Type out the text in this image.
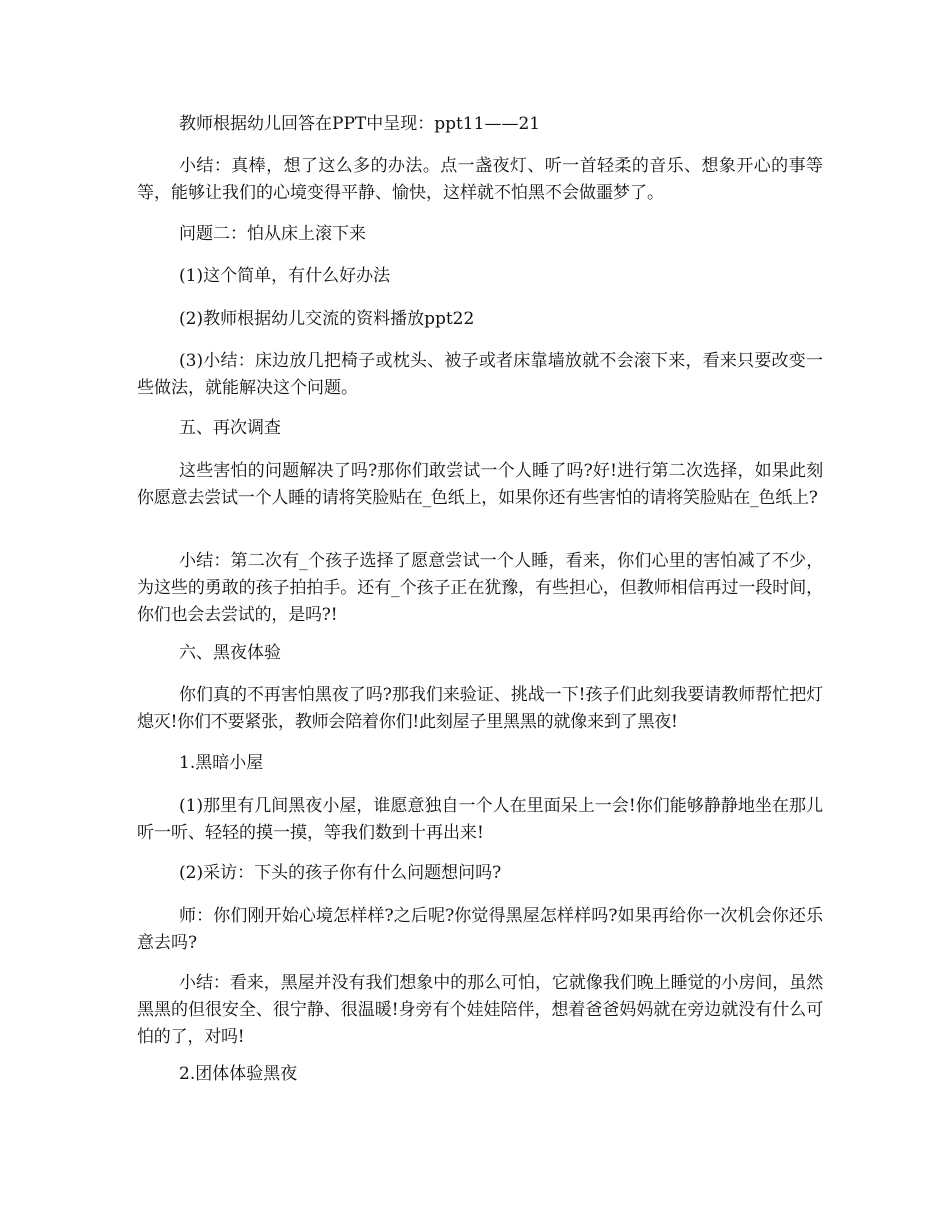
教师根据幼儿回答在PPT中呈现：ppt11——21

小结：真棒，想了这么多的办法。点一盏夜灯、听一首轻柔的音乐、想象开心的事等等，能够让我们的心境变得平静、愉快，这样就不怕黑不会做噩梦了。

问题二：怕从床上滚下来

(1)这个简单，有什么好办法

(2)教师根据幼儿交流的资料播放ppt22

(3)小结：床边放几把椅子或枕头、被子或者床靠墙放就不会滚下来，看来只要改变一些做法，就能解决这个问题。

五、再次调查

这些害怕的问题解决了吗?那你们敢尝试一个人睡了吗?好!进行第二次选择，如果此刻你愿意去尝试一个人睡的请将笑脸贴在_色纸上，如果你还有些害怕的请将笑脸贴在_色纸上?

小结：第二次有_个孩子选择了愿意尝试一个人睡，看来，你们心里的害怕减了不少，为这些的勇敢的孩子拍拍手。还有_个孩子正在犹豫，有些担心，但教师相信再过一段时间，你们也会去尝试的，是吗?!

六、黑夜体验

你们真的不再害怕黑夜了吗?那我们来验证、挑战一下!孩子们此刻我要请教师帮忙把灯熄灭!你们不要紧张，教师会陪着你们!此刻屋子里黑黑的就像来到了黑夜!

1.黑暗小屋

(1)那里有几间黑夜小屋，谁愿意独自一个人在里面呆上一会!你们能够静静地坐在那儿听一听、轻轻的摸一摸，等我们数到十再出来!

(2)采访：下头的孩子你有什么问题想问吗?

师：你们刚开始心境怎样样?之后呢?你觉得黑屋怎样样吗?如果再给你一次机会你还乐意去吗?

小结：看来，黑屋并没有我们想象中的那么可怕，它就像我们晚上睡觉的小房间，虽然黑黑的但很安全、很宁静、很温暖!身旁有个娃娃陪伴，想着爸爸妈妈就在旁边就没有什么可怕的了，对吗!

2.团体体验黑夜
